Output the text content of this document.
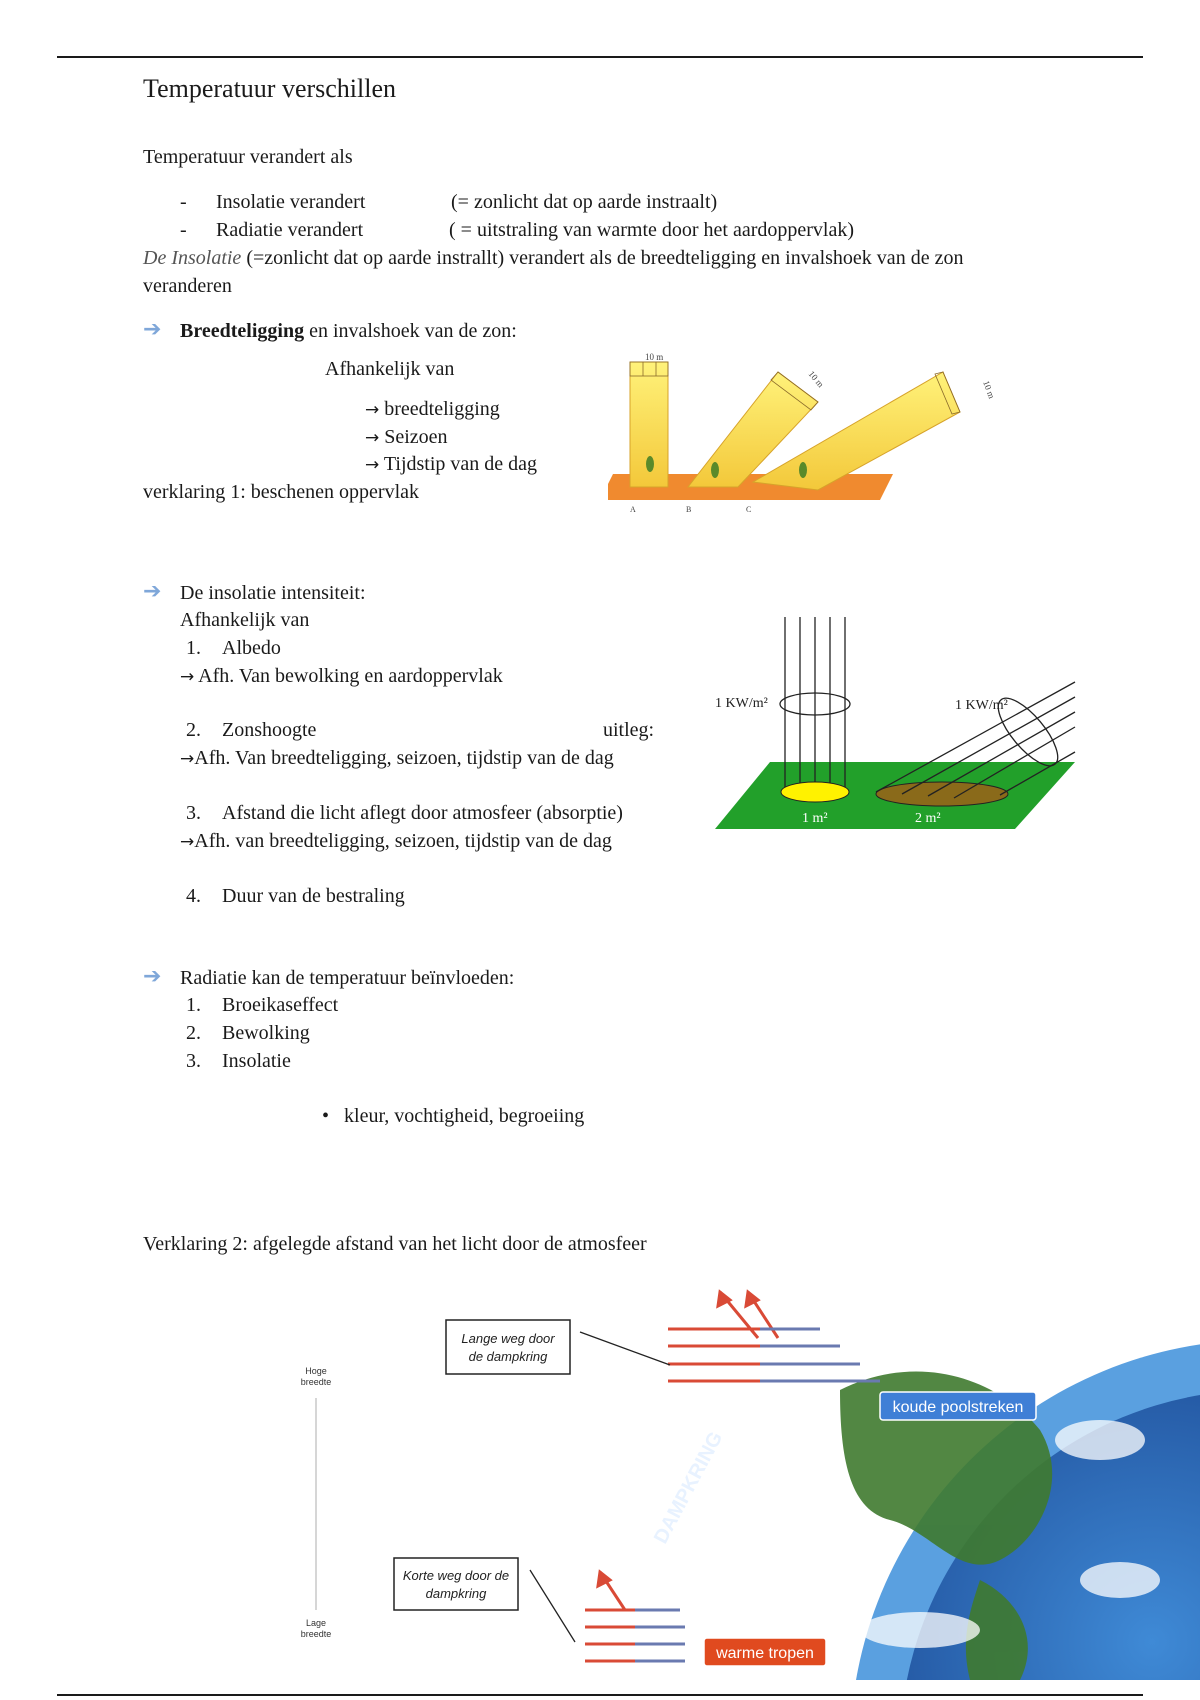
Temperatuur verschillen
Temperatuur verandert als
- Insolatie verandert	(= zonlicht dat op aarde instraalt)
- Radiatie verandert	( = uitstraling van warmte door het aardoppervlak)
De Insolatie (=zonlicht dat op aarde instrallt) verandert als de breedteligging en invalshoek van de zon
veranderen
➔ Breedteligging en invalshoek van de zon:
Afhankelijk van
→ breedteligging
→ Seizoen
→ Tijdstip van de dag
verklaring 1: beschenen oppervlak
10 m
10 m
10 m
A	B	C
➔ De insolatie intensiteit:
Afhankelijk van
1. Albedo
→ Afh. Van bewolking en aardoppervlak
2. Zonshoogte	uitleg:
→Afh. Van breedteligging, seizoen, tijdstip van de dag
3. Afstand die licht aflegt door atmosfeer (absorptie)
→Afh. van breedteligging, seizoen, tijdstip van de dag
4. Duur van de bestraling
1 KW/m²	1 KW/m²
1 m²	2 m²
➔ Radiatie kan de temperatuur beïnvloeden:
1. Broeikaseffect
2. Bewolking
3. Insolatie
•   kleur, vochtigheid, begroeiing
Verklaring 2: afgelegde afstand van het licht door de atmosfeer
DAMPKRING
Lange weg door
de dampkring
Korte weg door de
dampkring
Hoge
breedte
Lage
breedte
koude poolstreken
warme tropen
